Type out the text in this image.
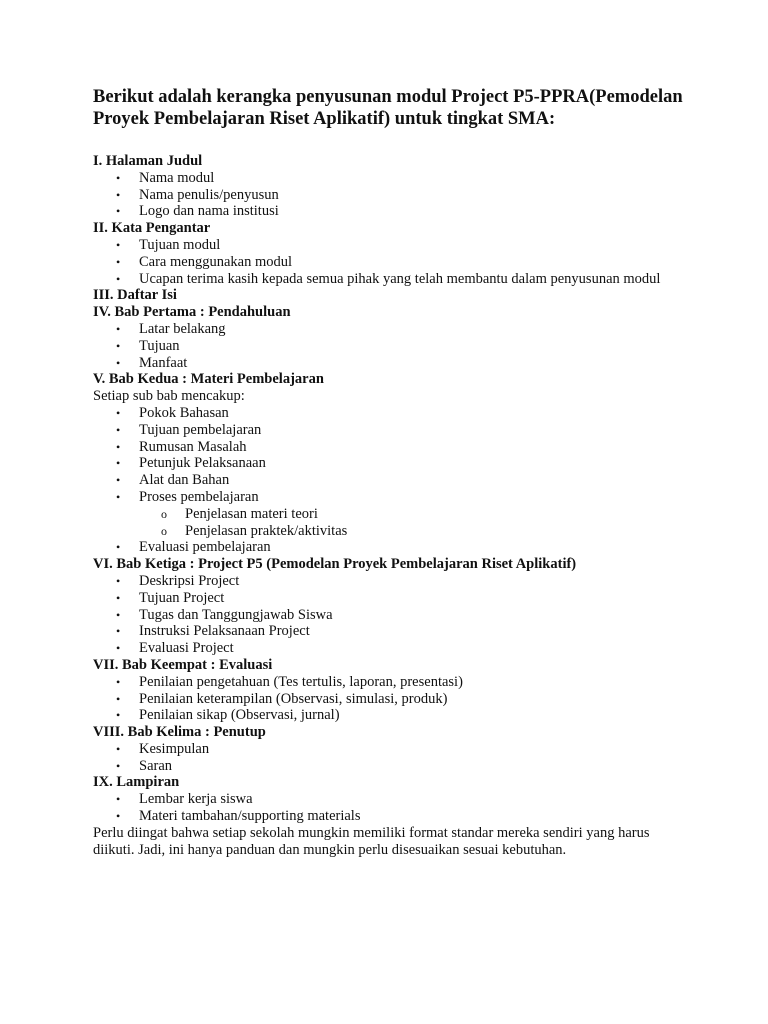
Berikut adalah kerangka penyusunan modul Project P5-PPRA(Pemodelan Proyek Pembelajaran Riset Aplikatif) untuk tingkat SMA:

I. Halaman Judul

• Nama modul
• Nama penulis/penyusun
• Logo dan nama institusi

II. Kata Pengantar

• Tujuan modul
• Cara menggunakan modul
• Ucapan terima kasih kepada semua pihak yang telah membantu dalam penyusunan modul

III. Daftar Isi

IV. Bab Pertama : Pendahuluan

• Latar belakang
• Tujuan
• Manfaat

V. Bab Kedua : Materi Pembelajaran

Setiap sub bab mencakup:

• Pokok Bahasan
• Tujuan pembelajaran
• Rumusan Masalah
• Petunjuk Pelaksanaan
• Alat dan Bahan
• Proses pembelajaran
o Penjelasan materi teori
o Penjelasan praktek/aktivitas
• Evaluasi pembelajaran

VI. Bab Ketiga : Project P5 (Pemodelan Proyek Pembelajaran Riset Aplikatif)

• Deskripsi Project
• Tujuan Project
• Tugas dan Tanggungjawab Siswa
• Instruksi Pelaksanaan Project
• Evaluasi Project

VII. Bab Keempat : Evaluasi

• Penilaian pengetahuan (Tes tertulis, laporan, presentasi)
• Penilaian keterampilan (Observasi, simulasi, produk)
• Penilaian sikap (Observasi, jurnal)

VIII. Bab Kelima : Penutup

• Kesimpulan
• Saran

IX. Lampiran

• Lembar kerja siswa
• Materi tambahan/supporting materials

Perlu diingat bahwa setiap sekolah mungkin memiliki format standar mereka sendiri yang harus diikuti. Jadi, ini hanya panduan dan mungkin perlu disesuaikan sesuai kebutuhan.
